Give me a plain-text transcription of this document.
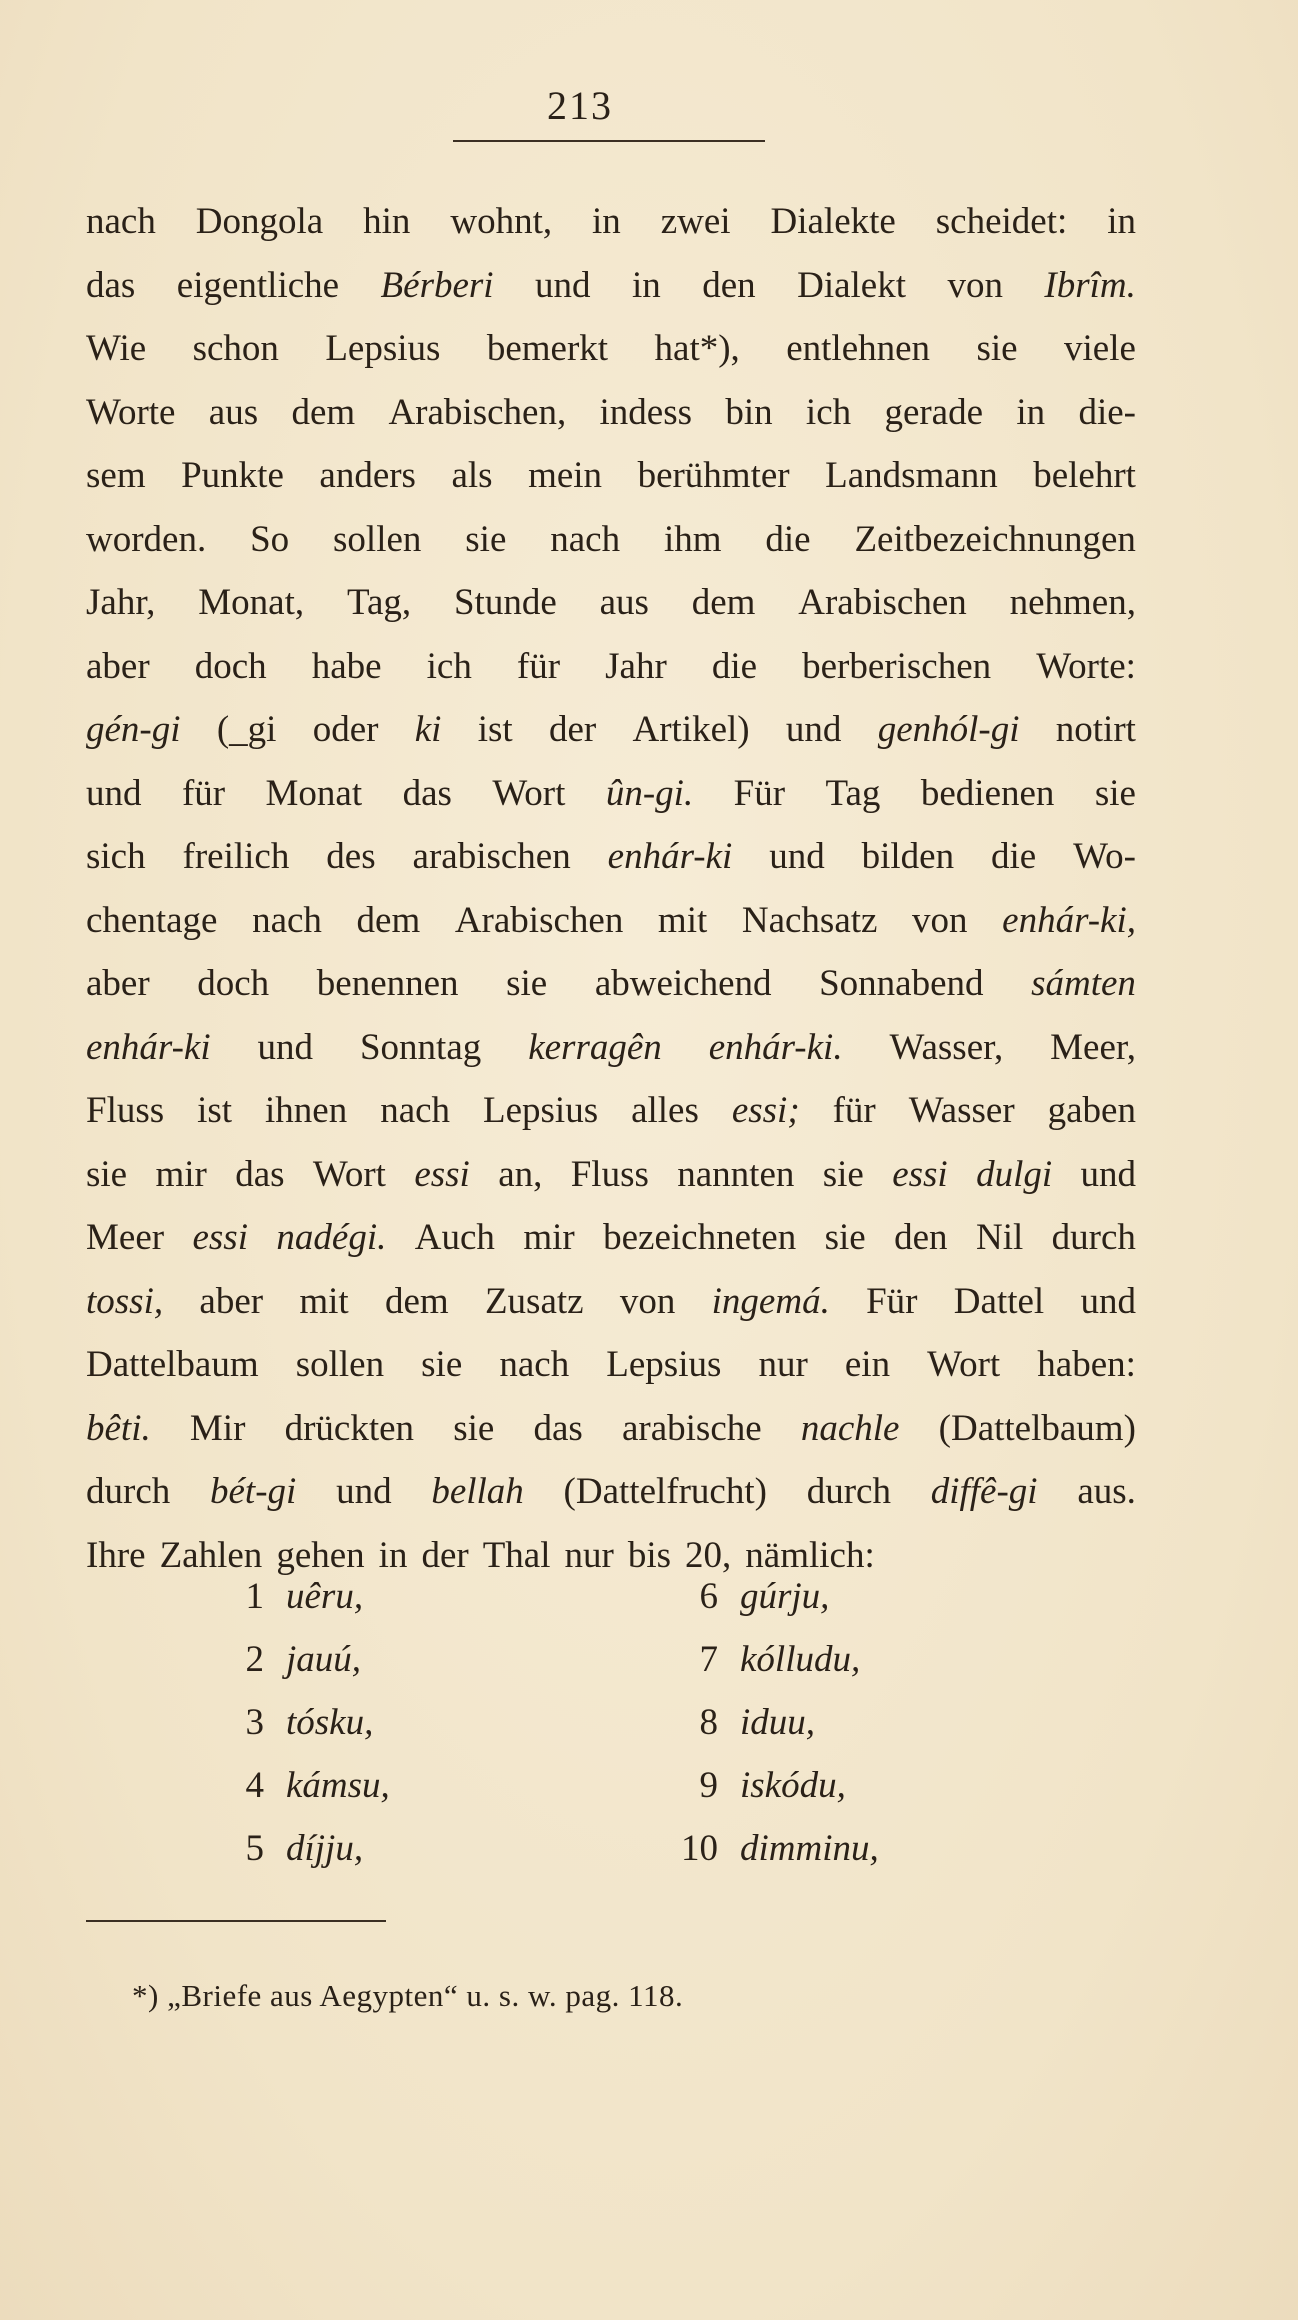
213
nach Dongola hin wohnt, in zwei Dialekte scheidet: in
das eigentliche Bérberi und in den Dialekt von Ibrîm.
Wie schon Lepsius bemerkt hat*), entlehnen sie viele
Worte aus dem Arabischen, indess bin ich gerade in die-
sem Punkte anders als mein berühmter Landsmann belehrt
worden. So sollen sie nach ihm die Zeitbezeichnungen
Jahr, Monat, Tag, Stunde aus dem Arabischen nehmen,
aber doch habe ich für Jahr die berberischen Worte:
gén-gi (_gi oder ki ist der Artikel) und genhól-gi notirt
und für Monat das Wort ûn-gi. Für Tag bedienen sie
sich freilich des arabischen enhár-ki und bilden die Wo-
chentage nach dem Arabischen mit Nachsatz von enhár-ki,
aber doch benennen sie abweichend Sonnabend sámten
enhár-ki und Sonntag kerragên enhár-ki. Wasser, Meer,
Fluss ist ihnen nach Lepsius alles essi; für Wasser gaben
sie mir das Wort essi an, Fluss nannten sie essi dulgi und
Meer essi nadégi. Auch mir bezeichneten sie den Nil durch
tossi, aber mit dem Zusatz von ingemá. Für Dattel und
Dattelbaum sollen sie nach Lepsius nur ein Wort haben:
bêti. Mir drückten sie das arabische nachle (Dattelbaum)
durch bét-gi und bellah (Dattelfrucht) durch diffê-gi aus.
Ihre Zahlen gehen in der Thal nur bis 20, nämlich:
1 uêru,	6 gúrju,
2 jauú,	7 kólludu,
3 tósku,	8 iduu,
4 kámsu,	9 iskódu,
5 díjju,	10 dimminu,
*) „Briefe aus Aegypten“ u. s. w. pag. 118.
